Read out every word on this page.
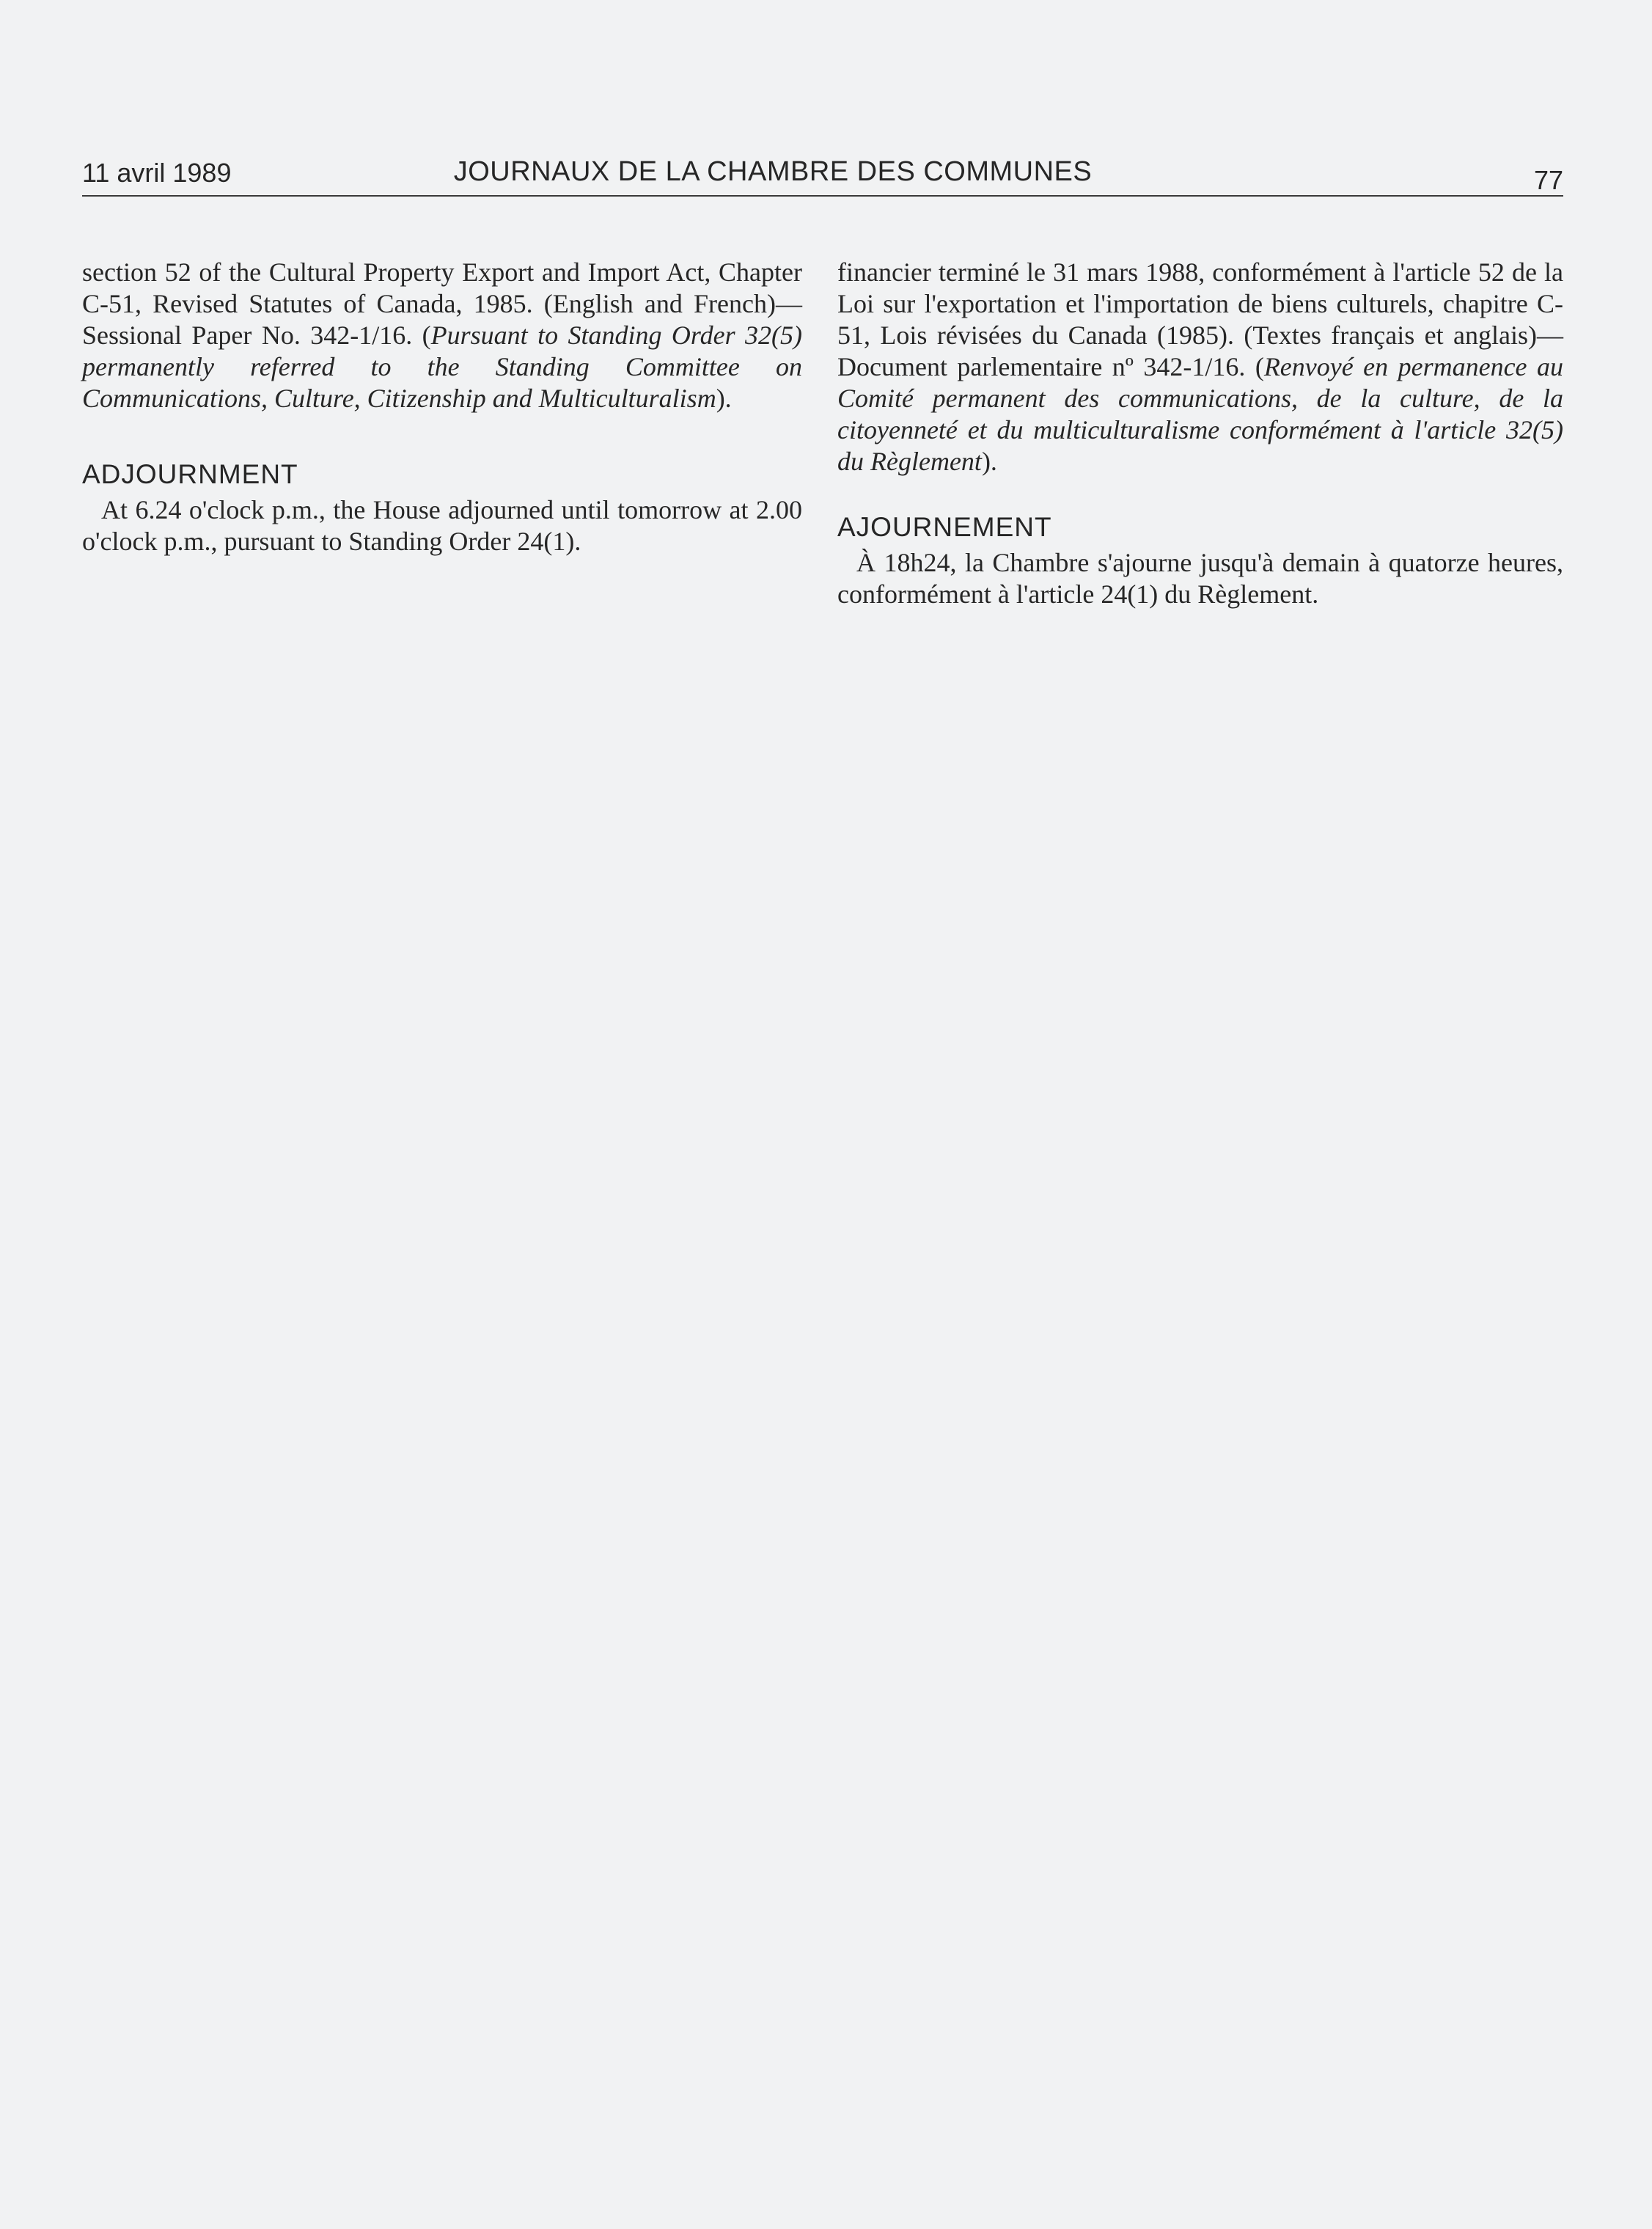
11 avril 1989	JOURNAUX DE LA CHAMBRE DES COMMUNES	77

section 52 of the Cultural Property Export and Import Act, Chapter C-51, Revised Statutes of Canada, 1985. (English and French)—Sessional Paper No. 342-1/16. (Pursuant to Standing Order 32(5) permanently referred to the Standing Committee on Communications, Culture, Citizenship and Multiculturalism).

ADJOURNMENT

At 6.24 o'clock p.m., the House adjourned until tomorrow at 2.00 o'clock p.m., pursuant to Standing Order 24(1).

financier terminé le 31 mars 1988, conformément à l'article 52 de la Loi sur l'exportation et l'importation de biens culturels, chapitre C-51, Lois révisées du Canada (1985). (Textes français et anglais)—Document parlementaire nº 342-1/16. (Renvoyé en permanence au Comité permanent des communications, de la culture, de la citoyenneté et du multiculturalisme conformément à l'article 32(5) du Règlement).

AJOURNEMENT

À 18h24, la Chambre s'ajourne jusqu'à demain à quatorze heures, conformément à l'article 24(1) du Règlement.
